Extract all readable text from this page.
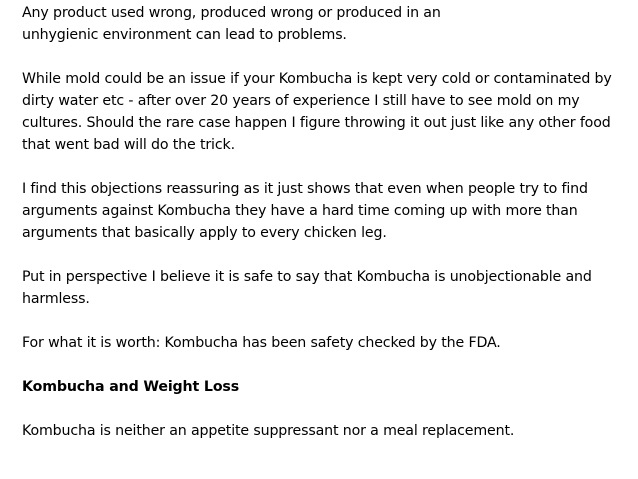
Any product used wrong, produced wrong or produced in an
unhygienic environment can lead to problems.

While mold could be an issue if your Kombucha is kept very cold or contaminated by
dirty water etc - after over 20 years of experience I still have to see mold on my
cultures. Should the rare case happen I figure throwing it out just like any other food
that went bad will do the trick.

I find this objections reassuring as it just shows that even when people try to find
arguments against Kombucha they have a hard time coming up with more than
arguments that basically apply to every chicken leg.

Put in perspective I believe it is safe to say that Kombucha is unobjectionable and
harmless.

For what it is worth: Kombucha has been safety checked by the FDA.

Kombucha and Weight Loss

Kombucha is neither an appetite suppressant nor a meal replacement.
